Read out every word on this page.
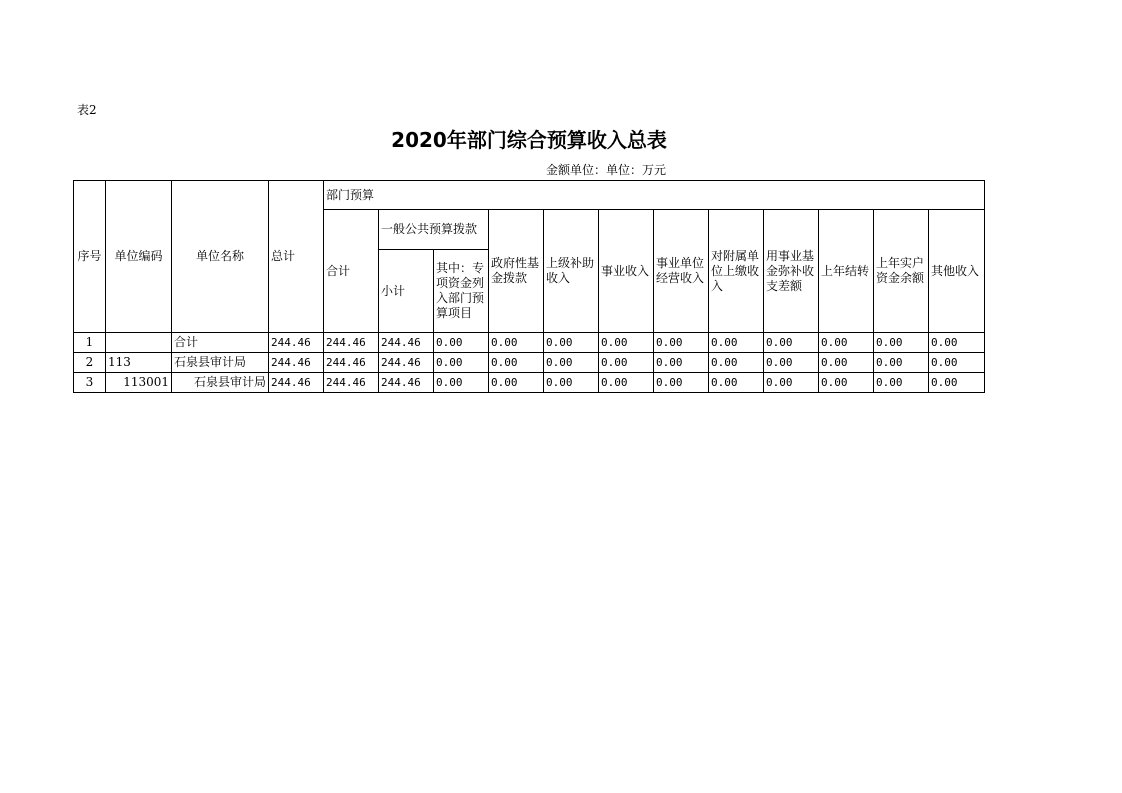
表2
2020年部门综合预算收入总表
金额单位：单位：万元
序号	单位编码	单位名称	总计	部门预算											
				合计	一般公共预算拨款		政府性基金拨款	上级补助收入	事业收入	事业单位经营收入	对附属单位上缴收入	用事业基金弥补收支差额	上年结转	上年实户资金余额	其他收入
					小计	其中：专项资金列入部门预算项目									
1		合计	244.46	244.46	244.46	0.00	0.00	0.00	0.00	0.00	0.00	0.00	0.00	0.00	0.00
2	113	石泉县审计局	244.46	244.46	244.46	0.00	0.00	0.00	0.00	0.00	0.00	0.00	0.00	0.00	0.00
3	113001	石泉县审计局	244.46	244.46	244.46	0.00	0.00	0.00	0.00	0.00	0.00	0.00	0.00	0.00	0.00
